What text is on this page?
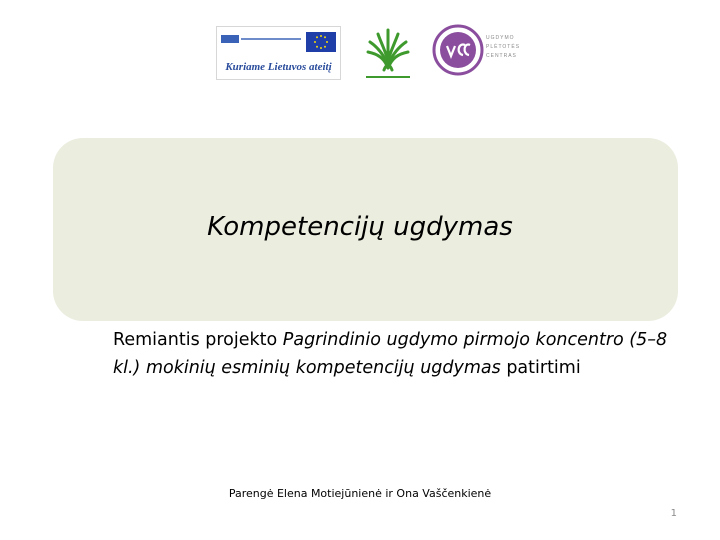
Kuriame Lietuvos ateitį
UGDYMO
PLĖTOTĖS
CENTRAS
Kompetencijų ugdymas
Remiantis projekto Pagrindinio ugdymo pirmojo koncentro (5–8 kl.) mokinių esminių kompetencijų ugdymas patirtimi
Parengė Elena Motiejūnienė ir Ona Vaščenkienė
1
